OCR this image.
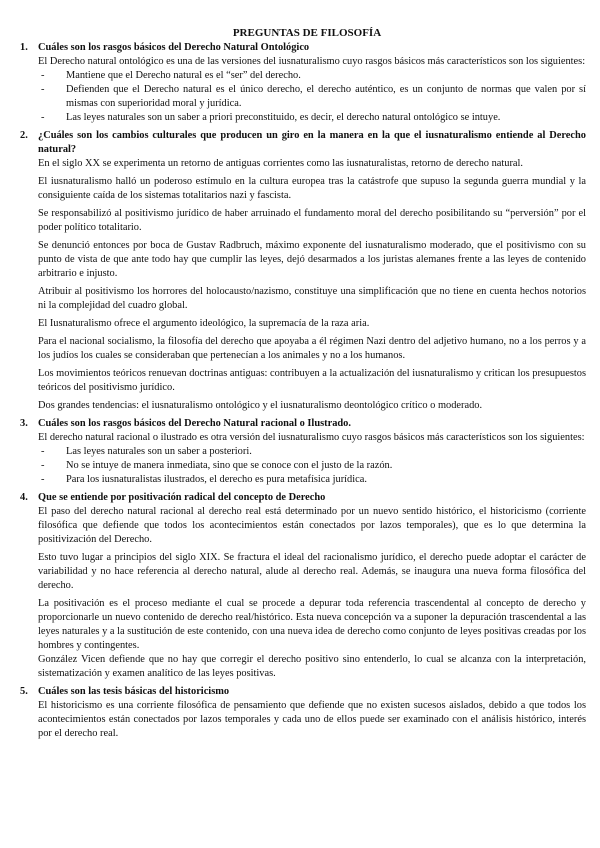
PREGUNTAS DE FILOSOFÍA
1. Cuáles son los rasgos básicos del Derecho Natural Ontológico

El Derecho natural ontológico es una de las versiones del iusnaturalismo cuyo rasgos básicos más característicos son los siguientes:

-	Mantiene que el Derecho natural es el “ser” del derecho.
-	Defienden que el Derecho natural es el único derecho, el derecho auténtico, es un conjunto de normas que valen por sí mismas con superioridad moral y jurídica.
-	Las leyes naturales son un saber a priori preconstituido, es decir, el derecho natural ontológico se intuye.
2. ¿Cuáles son los cambios culturales que producen un giro en la manera en la que el iusnaturalismo entiende al Derecho natural?

En el siglo XX se experimenta un retorno de antiguas corrientes como las iusnaturalistas, retorno de derecho natural.

El iusnaturalismo halló un poderoso estímulo en la cultura europea tras la catástrofe que supuso la segunda guerra mundial y la consiguiente caída de los sistemas totalitarios nazi y fascista.

Se responsabilizó al positivismo jurídico de haber arruinado el fundamento moral del derecho posibilitando su “perversión” por el poder político totalitario.

Se denunció entonces por boca de Gustav Radbruch, máximo exponente del iusnaturalismo moderado, que el positivismo con su punto de vista de que ante todo hay que cumplir las leyes, dejó desarmados a los juristas alemanes frente a las leyes de contenido arbitrario e injusto.

Atribuir al positivismo los horrores del holocausto/nazismo, constituye una simplificación que no tiene en cuenta hechos notorios ni la complejidad del cuadro global.

El Iusnaturalismo ofrece el argumento ideológico, la supremacía de la raza aria.

Para el nacional socialismo, la filosofía del derecho que apoyaba a él régimen Nazi dentro del adjetivo humano, no a los perros y a los judíos los cuales se consideraban que pertenecían a los animales y no a los humanos.

Los movimientos teóricos renuevan doctrinas antiguas: contribuyen a la actualización del iusnaturalismo y critican los presupuestos teóricos del positivismo jurídico.

Dos grandes tendencias: el iusnaturalismo ontológico y el iusnaturalismo deontológico crítico o moderado.

3. Cuáles son los rasgos básicos del Derecho Natural racional o Ilustrado.

El derecho natural racional o ilustrado es otra versión del iusnaturalismo cuyo rasgos básicos más característicos son los siguientes:

-	Las leyes naturales son un saber a posteriori.
-	No se intuye de manera inmediata, sino que se conoce con el justo de la razón.
-	Para los iusnaturalistas ilustrados, el derecho es pura metafísica jurídica.
4. Que se entiende por positivación radical del concepto de Derecho

El paso del derecho natural racional al derecho real está determinado por un nuevo sentido histórico, el historicismo (corriente filosófica que defiende que todos los acontecimientos están conectados por lazos temporales), que es lo que determina la positivización del Derecho.

Esto tuvo lugar a principios del siglo XIX. Se fractura el ideal del racionalismo jurídico, el derecho puede adoptar el carácter de variabilidad y no hace referencia al derecho natural, alude al derecho real. Además, se inaugura una nueva forma filosófica del derecho.

La positivación es el proceso mediante el cual se procede a depurar toda referencia trascendental al concepto de derecho y proporcionarle un nuevo contenido de derecho real/histórico. Esta nueva concepción va a suponer la depuración trascendental a las leyes naturales y a la sustitución de este contenido, con una nueva idea de derecho como conjunto de leyes positivas creadas por los hombres y contingentes.

González Vicen defiende que no hay que corregir el derecho positivo sino entenderlo, lo cual se alcanza con la interpretación, sistematización y examen analítico de las leyes positivas.

5. Cuáles son las tesis básicas del historicismo

El historicismo es una corriente filosófica de pensamiento que defiende que no existen sucesos aislados, debido a que todos los acontecimientos están conectados por lazos temporales y cada uno de ellos puede ser examinado con el análisis histórico, interés por el derecho real.
